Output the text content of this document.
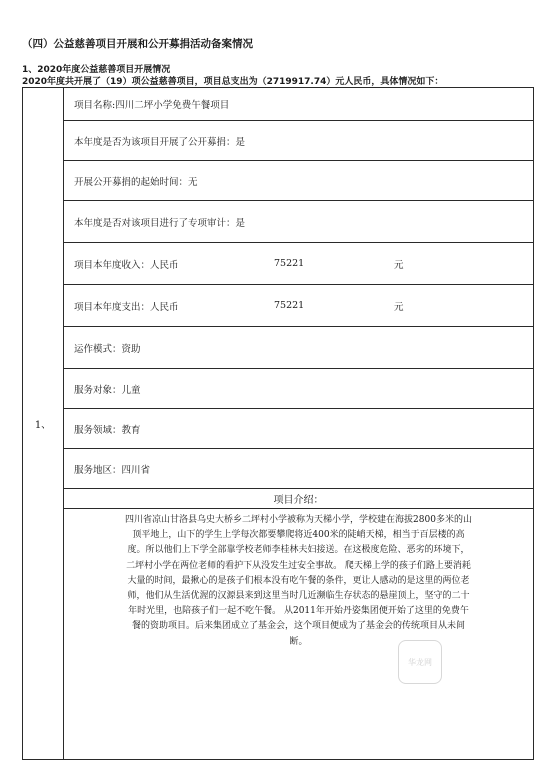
（四）公益慈善项目开展和公开募捐活动备案情况
1、2020年度公益慈善项目开展情况
2020年度共开展了（19）项公益慈善项目，项目总支出为（2719917.74）元人民币，具体情况如下：
1、	项目名称:四川二坪小学免费午餐项目
本年度是否为该项目开展了公开募捐：是
开展公开募捐的起始时间：无
本年度是否对该项目进行了专项审计：是

项目本年度收入：人民币	75221	元

项目本年度支出：人民币	75221	元

运作模式：资助
服务对象：儿童
服务领域：教育
服务地区：四川省
项目介绍：

四川省凉山甘洛县乌史大桥乡二坪村小学被称为天梯小学，学校建在海拔2800多米的山
顶平地上，山下的学生上学每次都要攀爬将近400米的陡峭天梯，相当于百层楼的高
度。所以他们上下学全部靠学校老师李桂林夫妇接送。在这极度危险、恶劣的环境下，
二坪村小学在两位老师的看护下从没发生过安全事故。 爬天梯上学的孩子们路上要消耗
大量的时间，最揪心的是孩子们根本没有吃午餐的条件，更让人感动的是这里的两位老
师，他们从生活优渥的汉源县来到这里当时几近濒临生存状态的悬崖顶上，坚守的二十
年时光里，也陪孩子们一起不吃午餐。 从2011年开始丹姿集团便开始了这里的免费午
餐的资助项目。后来集团成立了基金会，这个项目便成为了基金会的传统项目从未间
断。
华龙网
